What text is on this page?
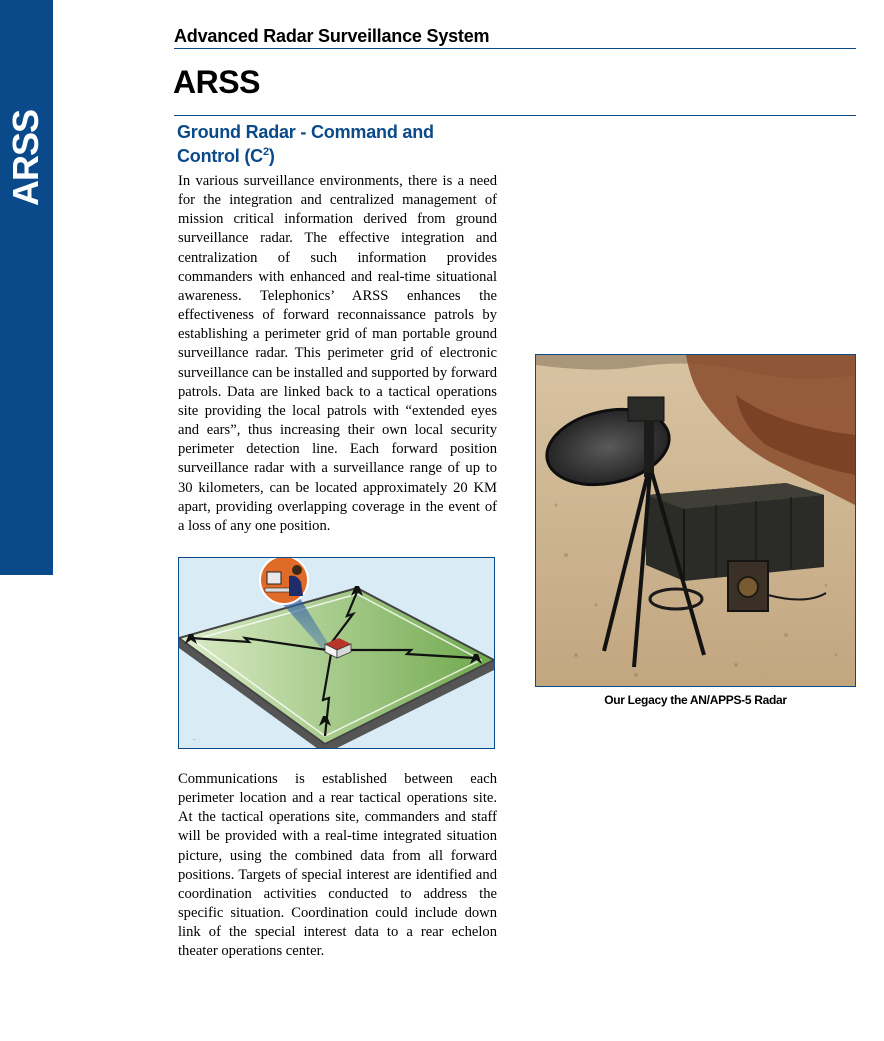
ARSS
Advanced Radar Surveillance System
ARSS
Ground Radar - Command and Control $(C^2)$
In various surveillance environments, there is a need for the integration and centralized management of mission critical information derived from ground surveillance radar. The effective integration and centralization of such information provides commanders with enhanced and real-time situational awareness. Telephonics’ ARSS enhances the effectiveness of forward reconnaissance patrols by establishing a perimeter grid of man portable ground surveillance radar. This perimeter grid of electronic surveillance can be installed and supported by forward patrols. Data are linked back to a tactical operations site providing the local patrols with “extended eyes and ears”, thus increasing their own local security perimeter detection line. Each forward position surveillance radar with a surveillance range of up to 30 kilometers, can be located approximately 20 KM apart, providing overlapping coverage in the event of a loss of any one position.
..
Communications is established between each perimeter location and a rear tactical operations site. At the tactical operations site, commanders and staff will be provided with a real-time integrated situation picture, using the combined data from all forward positions. Targets of special interest are identified and coordination activities conducted to address the specific situation. Coordination could include down link of the special interest data to a rear echelon theater operations center.
Our Legacy the AN/APPS-5 Radar
